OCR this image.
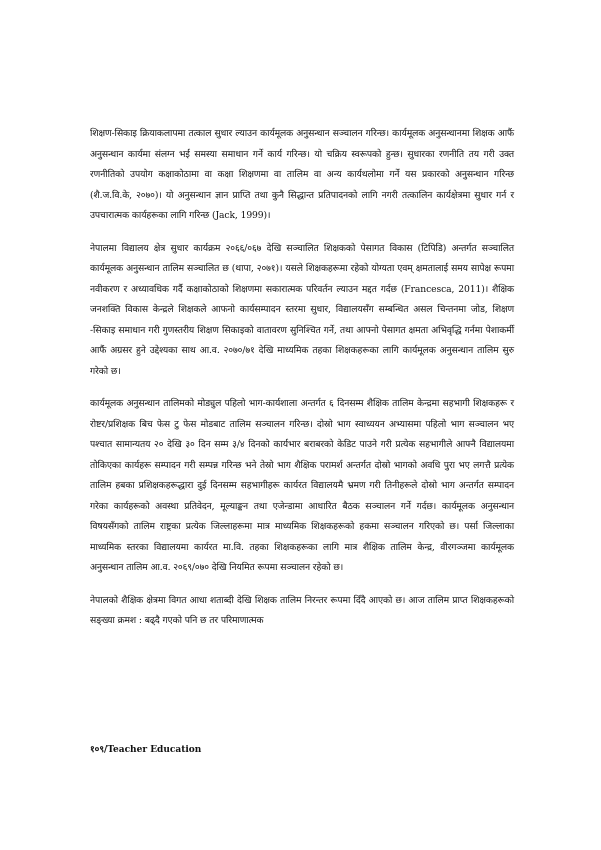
शिक्षण-सिकाइ क्रियाकलापमा तत्काल सुधार ल्याउन कार्यमूलक अनुसन्धान सञ्चालन गरिन्छ। कार्यमूलक अनुसन्धानमा शिक्षक आफैं अनुसन्धान कार्यमा संलग्न भई समस्या समाधान गर्ने कार्य गरिन्छ। यो चक्रिय स्वरूपको हुन्छ। सुधारका रणनीति तय गरी उक्त रणनीतिको उपयोग कक्षाकोठामा वा कक्षा शिक्षणमा वा तालिम वा अन्य कार्यथलोमा गर्ने यस प्रकारको अनुसन्धान गरिन्छ (शै.ज.वि.के, २०७०)। यो अनुसन्धान ज्ञान प्राप्ति तथा कुनै सिद्धान्त प्रतिपादनको लागि नगरी तत्कालिन कार्यक्षेत्रमा सुधार गर्न र उपचारात्मक कार्यहरूका लागि गरिन्छ (Jack, 1999)।

नेपालमा विद्यालय क्षेत्र सुधार कार्यक्रम २०६६/०६७ देखि सञ्चालित शिक्षकको पेसागत विकास (टिपिडि) अन्तर्गत सञ्चालित कार्यमूलक अनुसन्धान तालिम सञ्चालित छ (थापा, २०७१)। यसले शिक्षकहरूमा रहेको योग्यता एवम् क्षमतालाई समय सापेक्ष रूपमा नवीकरण र अध्यावधिक गर्दै कक्षाकोठाको शिक्षणमा सकारात्मक परिवर्तन ल्याउन मद्दत गर्दछ (Francesca, 2011)। शैक्षिक जनशक्ति विकास केन्द्रले शिक्षकले आफनो कार्यसम्पादन स्तरमा सुधार, विद्यालयसँग सम्बन्धित असल चिन्तनमा जोड, शिक्षण -सिकाइ समाधान गरी गुणस्तरीय शिक्षण सिकाइको वातावरण सुनिश्चित गर्ने, तथा आफ्नो पेसागत क्षमता अभिवृद्धि गर्नमा पेशाकर्मी आफैं अग्रसर हुने उद्देश्यका साथ आ.व. २०७०/७१ देखि माध्यमिक तहका शिक्षकहरूका लागि कार्यमूलक अनुसन्धान तालिम सुरु गरेको छ।

कार्यमूलक अनुसन्धान तालिमको मोड्युल पहिलो भाग-कार्यशाला अन्तर्गत ६ दिनसम्म शैक्षिक तालिम केन्द्रमा सहभागी शिक्षकहरू र रोष्टर/प्रशिक्षक बिच फेस टु फेस मोडबाट तालिम सञ्चालन गरिन्छ। दोस्रो भाग स्वाध्ययन अभ्यासमा पहिलो भाग सञ्चालन भए पश्चात सामान्यतय २० देखि ३० दिन सम्म ३/४ दिनको कार्यभार बराबरको केडिट पाउने गरी प्रत्येक सहभागीले आफ्नै विद्यालयमा तोकिएका कार्यहरू सम्पादन गरी सम्पन्न गरिन्छ भने तेस्रो भाग शैक्षिक परामर्श अन्तर्गत दोस्रो भागको अवधि पुरा भए लगत्तै प्रत्येक तालिम हबका प्रशिक्षकहरूद्धारा दुई दिनसम्म सहभागीहरू कार्यरत विद्यालयमै भ्रमण गरी तिनीहरूले दोस्रो भाग अन्तर्गत सम्पादन गरेका कार्यहरूको अवस्था प्रतिवेदन, मूल्याङ्कन तथा एजेन्डामा आधारित बैठक सञ्चालन गर्ने गर्दछ। कार्यमूलक अनुसन्धान विषयसँगको तालिम राष्ट्रका प्रत्येक जिल्लाहरूमा मात्र माध्यमिक शिक्षकहरूको हकमा सञ्चालन गरिएको छ। पर्सा जिल्लाका माध्यमिक स्तरका विद्यालयमा कार्यरत मा.वि. तहका शिक्षकहरूका लागि मात्र शैक्षिक तालिम केन्द्र, वीरगञ्जमा कार्यमूलक अनुसन्धान तालिम आ.व. २०६९/०७० देखि नियमित रूपमा सञ्चालन रहेको छ।

नेपालको शैक्षिक क्षेत्रमा विगत आधा शताब्दी देखि शिक्षक तालिम निरन्तर रूपमा दिँदै आएको छ। आज तालिम प्राप्त शिक्षकहरूको सङ्ख्या क्रमश : बढ्दै गएको पनि छ तर परिमाणात्मक

१०९/Teacher Education
